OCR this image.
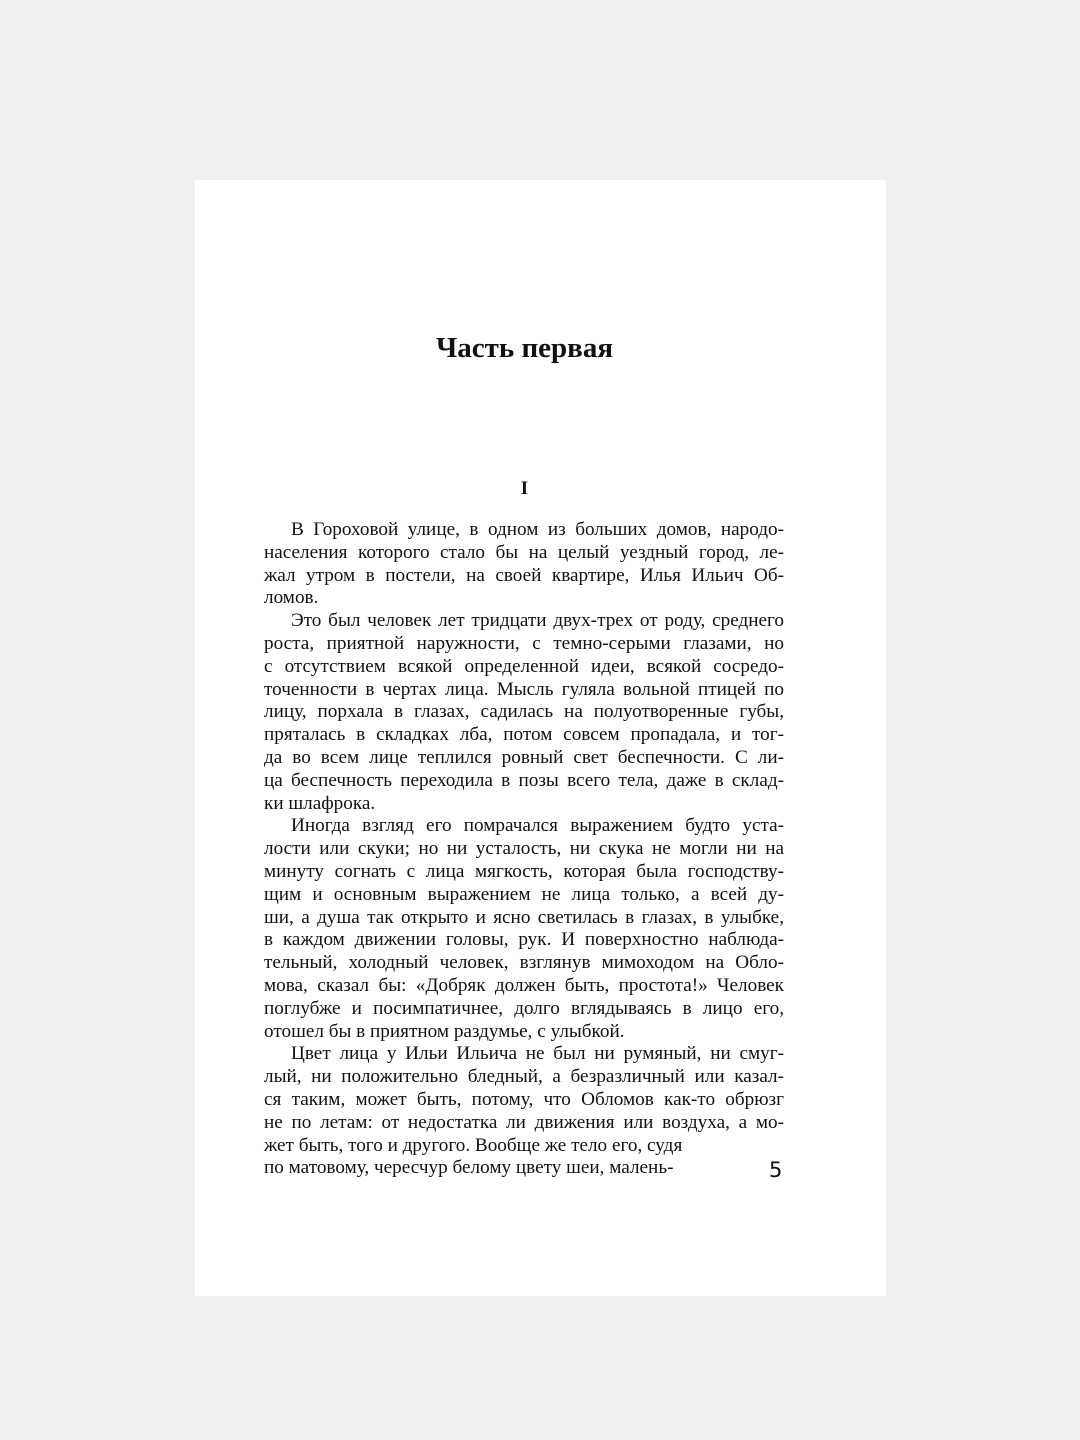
Часть первая
I
В Гороховой улице, в одном из больших домов, народо-
населения которого стало бы на целый уездный город, ле-
жал утром в постели, на своей квартире, Илья Ильич Об-
ломов.
Это был человек лет тридцати двух-трех от роду, среднего
роста, приятной наружности, с темно-серыми глазами, но
с отсутствием всякой определенной идеи, всякой сосредо-
точенности в чертах лица. Мысль гуляла вольной птицей по
лицу, порхала в глазах, садилась на полуотворенные губы,
пряталась в складках лба, потом совсем пропадала, и тог-
да во всем лице теплился ровный свет беспечности. С ли-
ца беспечность переходила в позы всего тела, даже в склад-
ки шлафрока.
Иногда взгляд его помрачался выражением будто уста-
лости или скуки; но ни усталость, ни скука не могли ни на
минуту согнать с лица мягкость, которая была господству-
щим и основным выражением не лица только, а всей ду-
ши, а душа так открыто и ясно светилась в глазах, в улыбке,
в каждом движении головы, рук. И поверхностно наблюда-
тельный, холодный человек, взглянув мимоходом на Обло-
мова, сказал бы: «Добряк должен быть, простота!» Человек
поглубже и посимпатичнее, долго вглядываясь в лицо его,
отошел бы в приятном раздумье, с улыбкой.
Цвет лица у Ильи Ильича не был ни румяный, ни смуг-
лый, ни положительно бледный, а безразличный или казал-
ся таким, может быть, потому, что Обломов как-то обрюзг
не по летам: от недостатка ли движения или воздуха, а мо-
жет быть, того и другого. Вообще же тело его, судя
по матовому, чересчур белому цвету шеи, малень-	5
